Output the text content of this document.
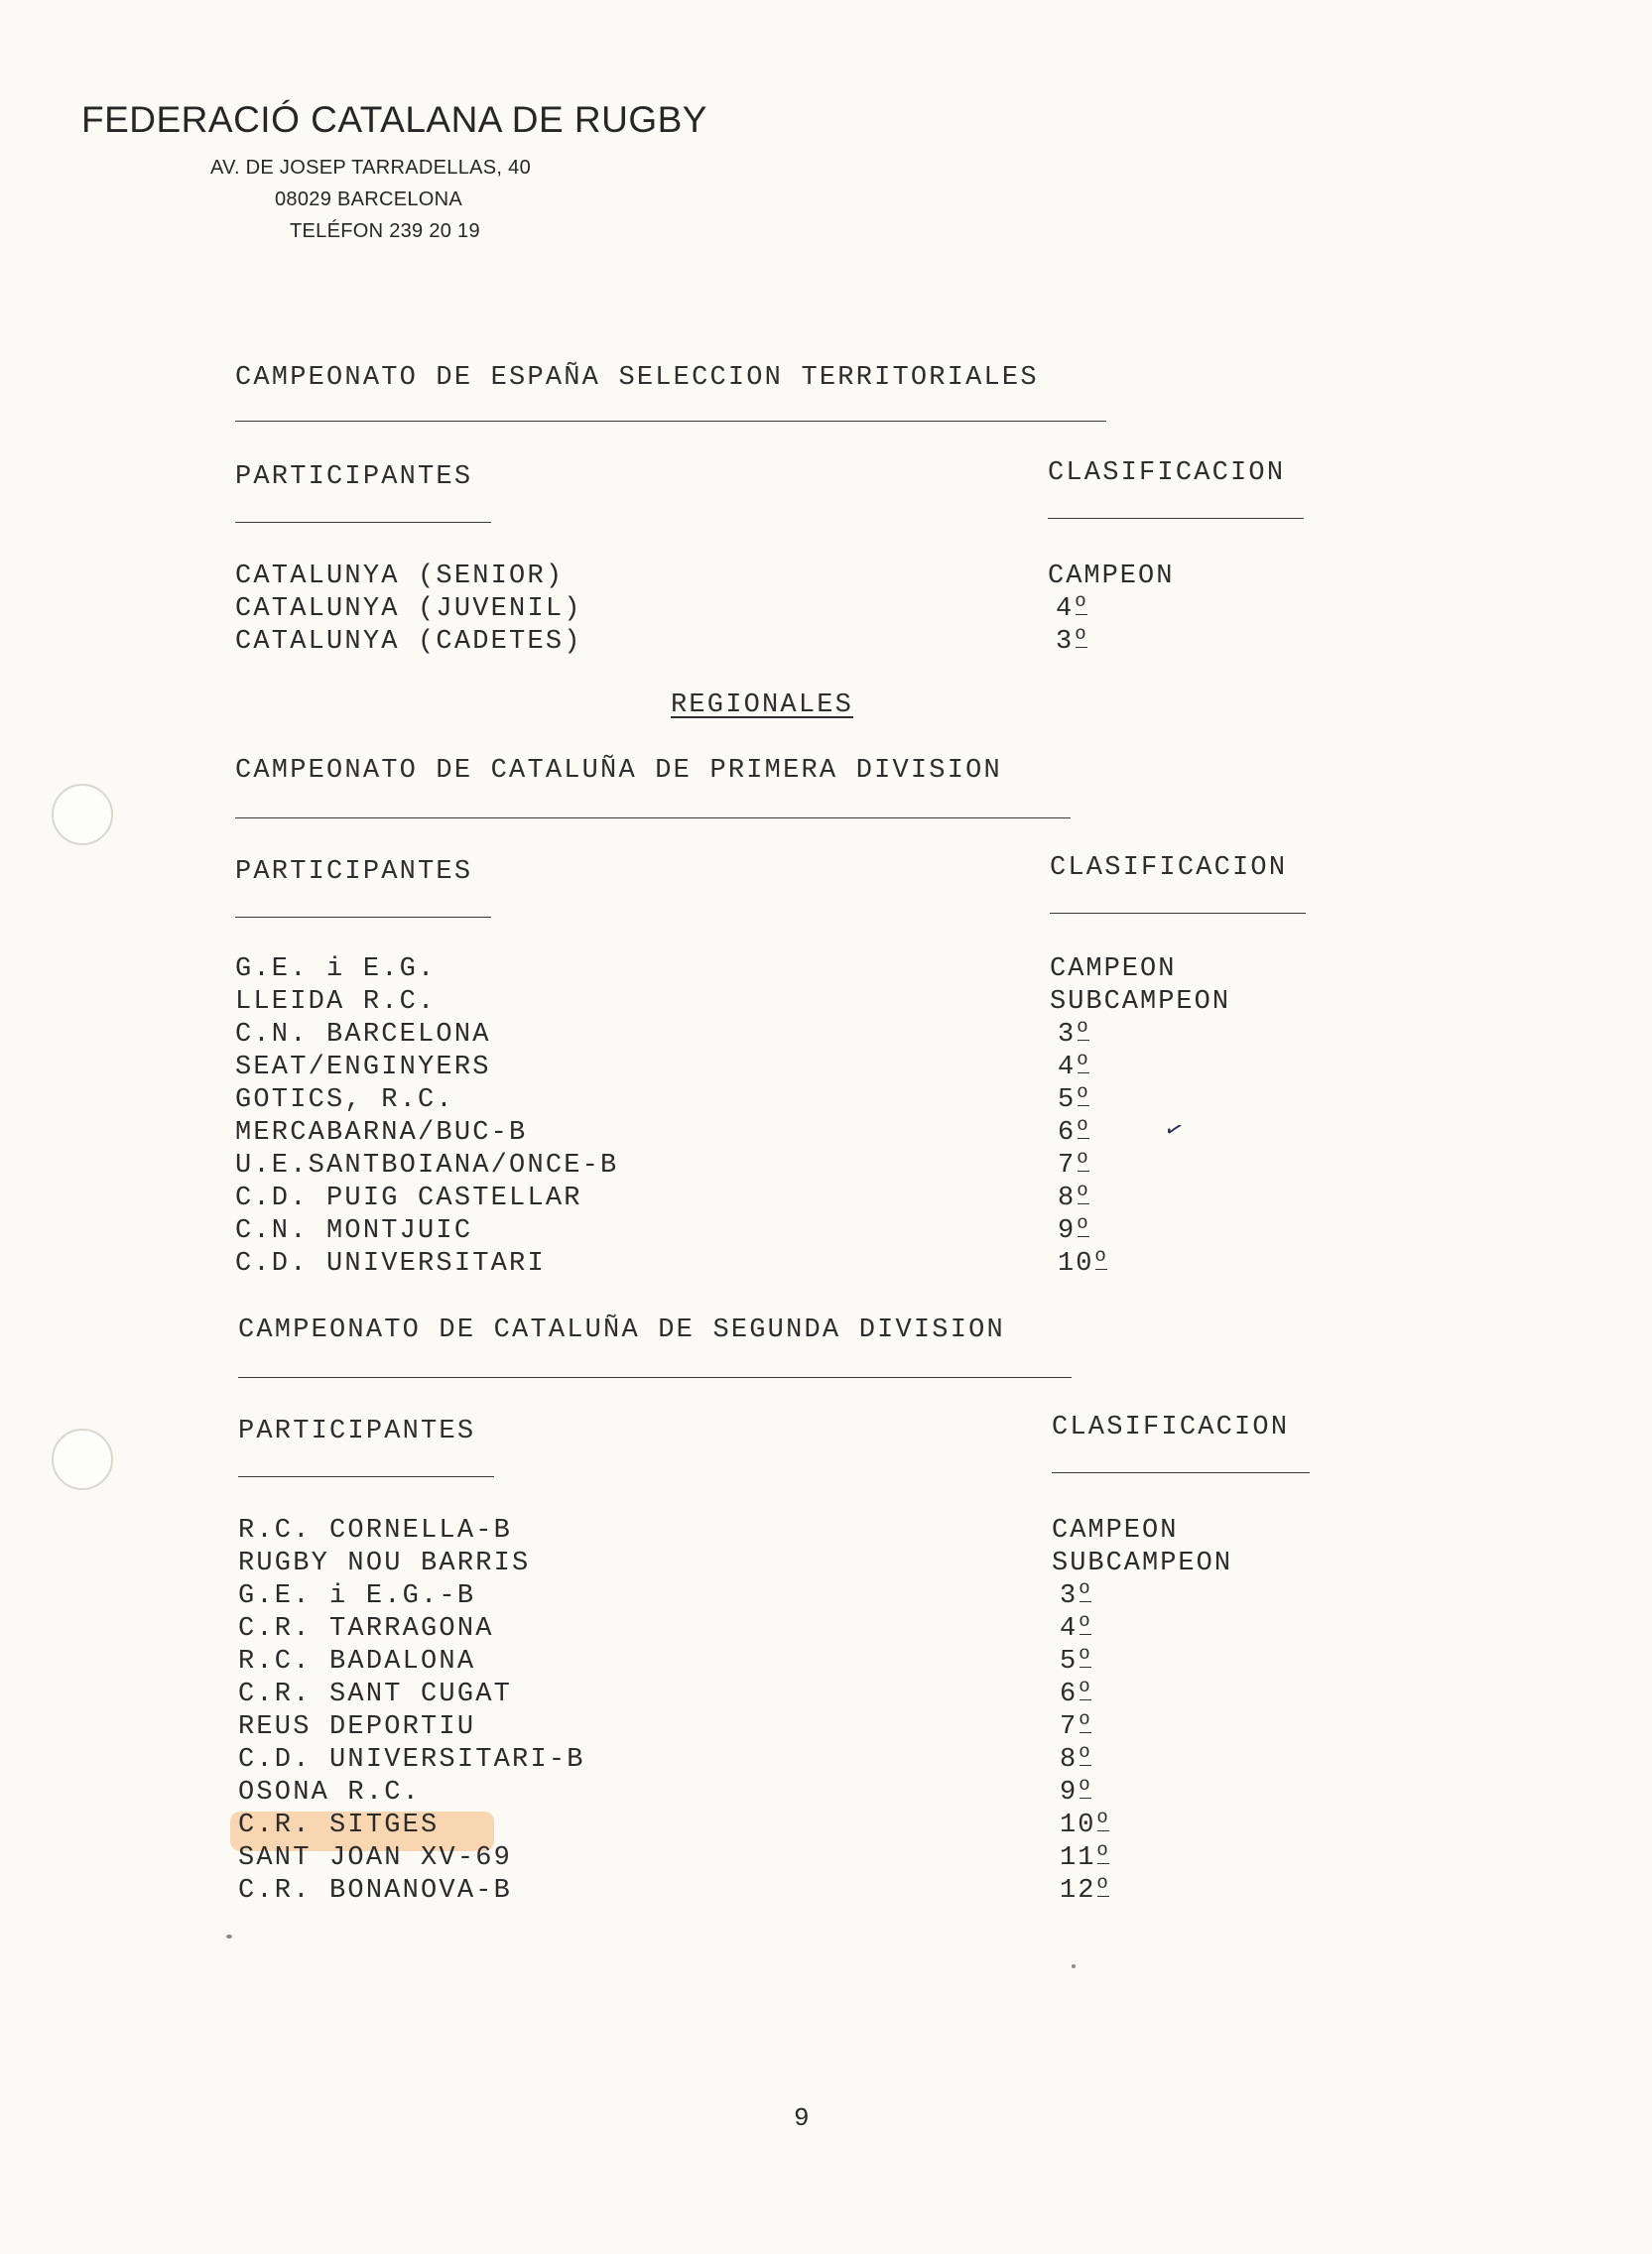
FEDERACIÓ CATALANA DE RUGBY
AV. DE JOSEP TARRADELLAS, 40
08029 BARCELONA
TELÉFON 239 20 19
CAMPEONATO DE ESPAÑA SELECCION TERRITORIALES
PARTICIPANTES	CLASIFICACION
CATALUNYA (SENIOR)	CAMPEON
CATALUNYA (JUVENIL)	4o
CATALUNYA (CADETES)	3o
REGIONALES
CAMPEONATO DE CATALUÑA DE PRIMERA DIVISION
PARTICIPANTES	CLASIFICACION
G.E. i E.G.	CAMPEON
LLEIDA R.C.	SUBCAMPEON
C.N. BARCELONA	3o
SEAT/ENGINYERS	4o
GOTICS, R.C.	5o
MERCABARNA/BUC-B	6o
U.E.SANTBOIANA/ONCE-B	7o
C.D. PUIG CASTELLAR	8o
C.N. MONTJUIC	9o
C.D. UNIVERSITARI	10o
✓
CAMPEONATO DE CATALUÑA DE SEGUNDA DIVISION
PARTICIPANTES	CLASIFICACION
R.C. CORNELLA-B	CAMPEON
RUGBY NOU BARRIS	SUBCAMPEON
G.E. i E.G.-B	3o
C.R. TARRAGONA	4o
R.C. BADALONA	5o
C.R. SANT CUGAT	6o
REUS DEPORTIU	7o
C.D. UNIVERSITARI-B	8o
OSONA R.C.	9o
C.R. SITGES	10o
SANT JOAN XV-69	11o
C.R. BONANOVA-B	12o
9
